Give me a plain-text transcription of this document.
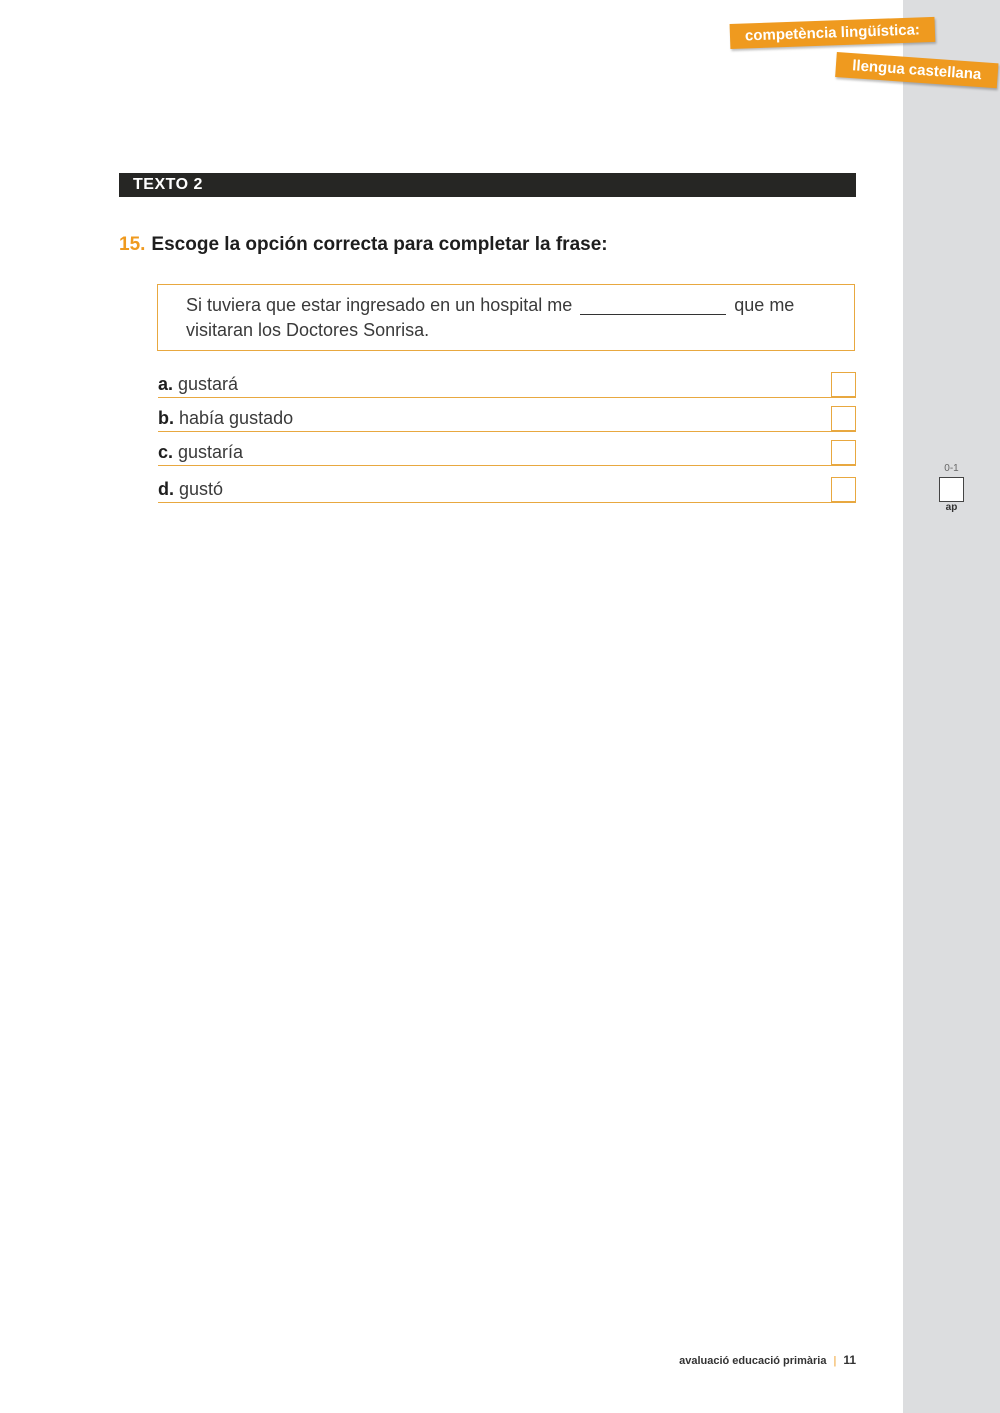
competència lingüística:
llengua castellana
TEXTO 2
15. Escoge la opción correcta para completar la frase:
Si tuviera que estar ingresado en un hospital me	que me
visitaran los Doctores Sonrisa.
a. gustará
b. había gustado
c. gustaría
d. gustó
0-1
ap
avaluació educació primària | 11
